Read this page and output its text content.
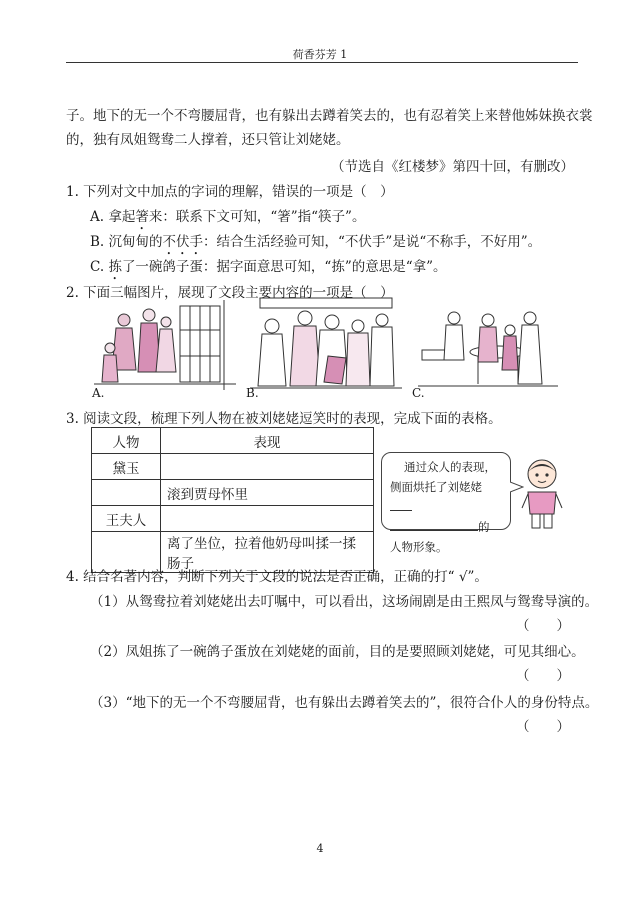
荷香芬芳 1
子。地下的无一个不弯腰屈背，也有躲出去蹲着笑去的，也有忍着笑上来替他姊妹换衣裳
的，独有凤姐鸳鸯二人撑着，还只管让刘姥姥。
（节选自《红楼梦》第四十回，有删改）
1. 下列对文中加点的字词的理解，错误的一项是（　）
A. 拿起箸来：联系下文可知，“箸”指“筷子”。
B. 沉甸甸的不伏手：结合生活经验可知，“不伏手”是说“不称手，不好用”。
C. 拣了一碗鸽子蛋：据字面意思可知，“拣”的意思是“拿”。
2. 下面三幅图片，展现了文段主要内容的一项是（　）
A.	B.	C.
3. 阅读文段，梳理下列人物在被刘姥姥逗笑时的表现，完成下面的表格。
人物	表现
黛玉	
	滚到贾母怀里
王夫人	
	离了坐位，拉着他奶母叫揉一揉肠子
通过众人的表现，
侧面烘托了刘姥姥
的
人物形象。
4. 结合名著内容，判断下列关于文段的说法是否正确，正确的打“ √”。
（1）从鸳鸯拉着刘姥姥出去叮嘱中，可以看出，这场闹剧是由王熙凤与鸳鸯导演的。
（　　）
（2）凤姐拣了一碗鸽子蛋放在刘姥姥的面前，目的是要照顾刘姥姥，可见其细心。
（　　）
（3）“地下的无一个不弯腰屈背，也有躲出去蹲着笑去的”，很符合仆人的身份特点。
（　　）
4
